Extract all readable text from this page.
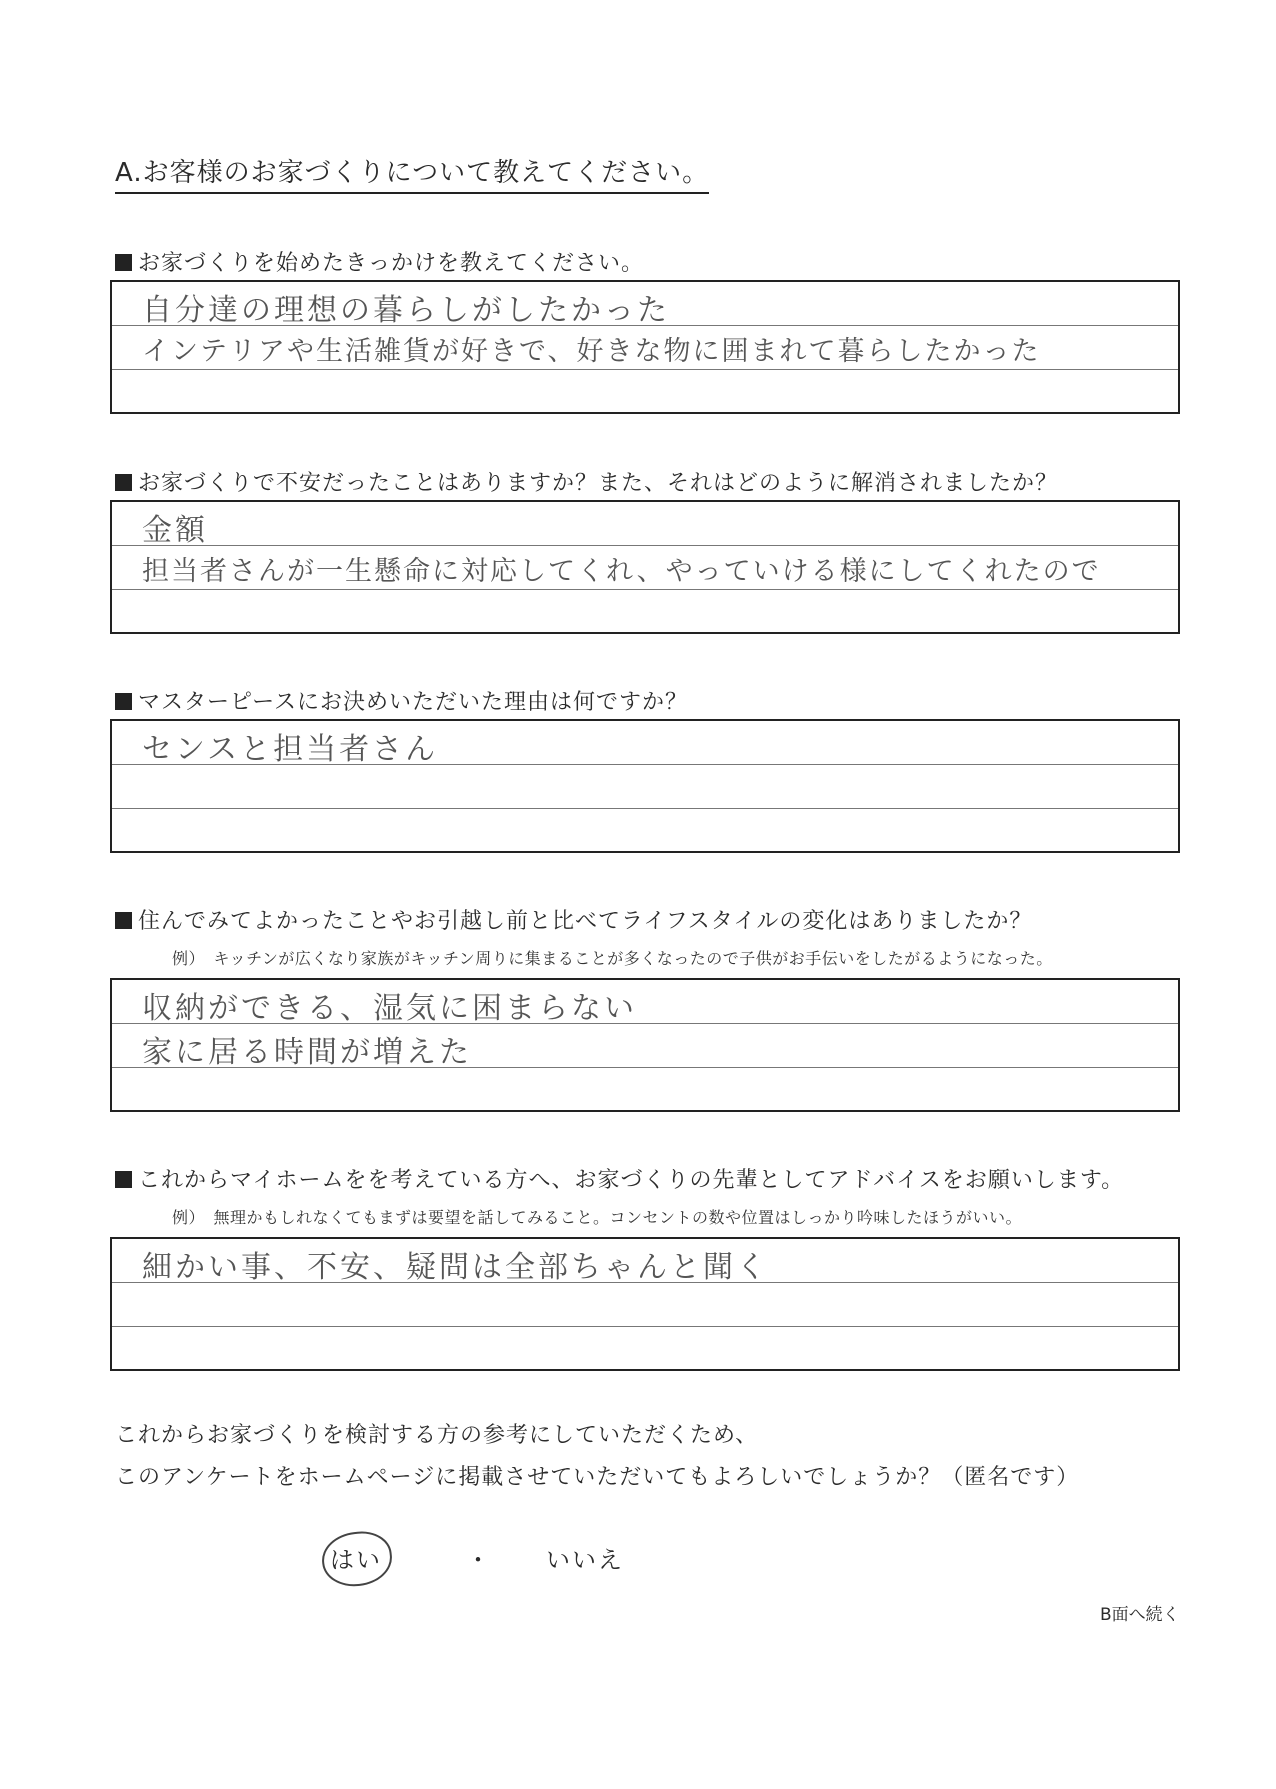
A.お客様のお家づくりについて教えてください。
お家づくりを始めたきっかけを教えてください。
自分達の理想の暮らしがしたかった
インテリアや生活雑貨が好きで、好きな物に囲まれて暮らしたかった
お家づくりで不安だったことはありますか？また、それはどのように解消されましたか？
金額
担当者さんが一生懸命に対応してくれ、やっていける様にしてくれたので
マスターピースにお決めいただいた理由は何ですか？
センスと担当者さん
住んでみてよかったことやお引越し前と比べてライフスタイルの変化はありましたか？
例）　キッチンが広くなり家族がキッチン周りに集まることが多くなったので子供がお手伝いをしたがるようになった。
収納ができる、湿気に困まらない
家に居る時間が増えた
これからマイホームをを考えている方へ、お家づくりの先輩としてアドバイスをお願いします。
例）　無理かもしれなくてもまずは要望を話してみること。コンセントの数や位置はしっかり吟味したほうがいい。
細かい事、不安、疑問は全部ちゃんと聞く
これからお家づくりを検討する方の参考にしていただくため、
このアンケートをホームページに掲載させていただいてもよろしいでしょうか？（匿名です）
はい	・ いいえ
B面へ続く
